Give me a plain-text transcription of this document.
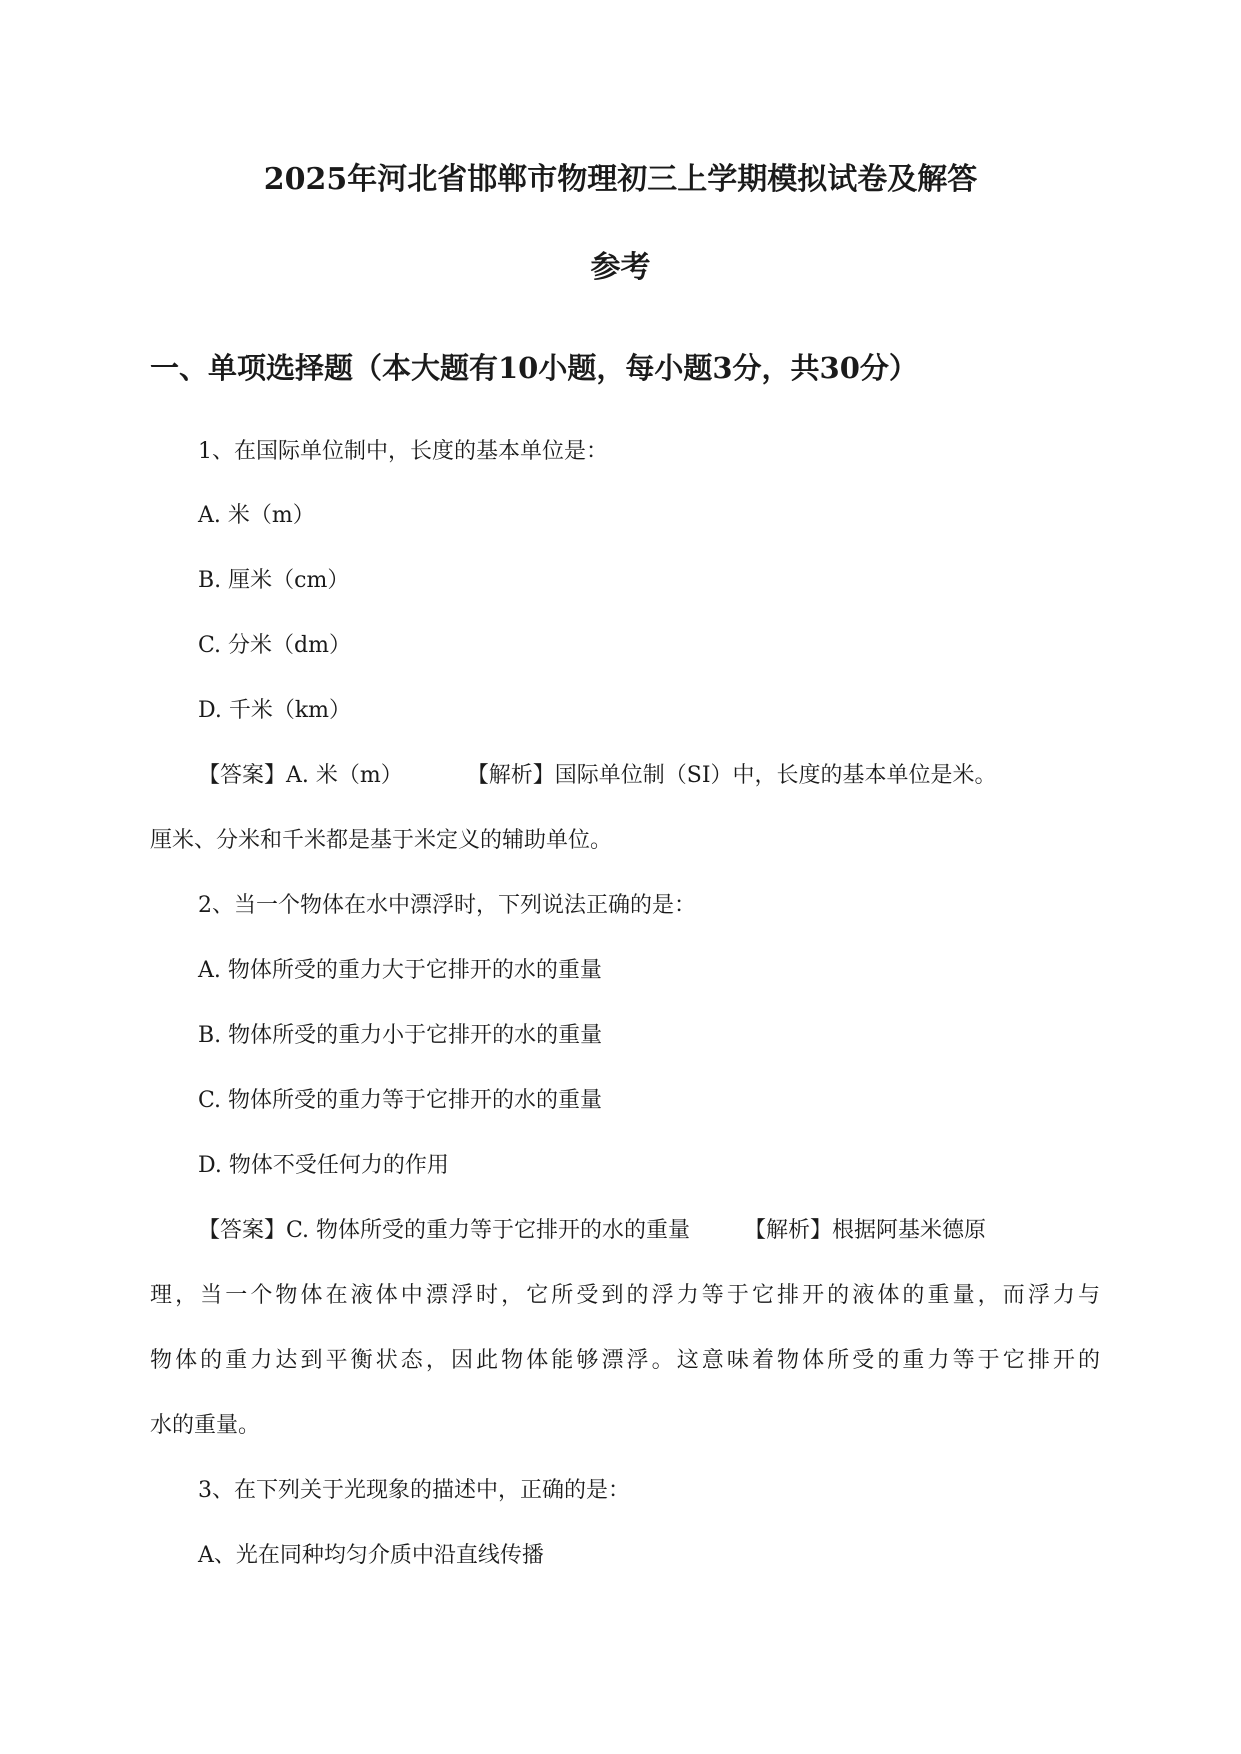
2025年河北省邯郸市物理初三上学期模拟试卷及解答
参考
一、单项选择题（本大题有10小题，每小题3分，共30分）
1、在国际单位制中，长度的基本单位是：
A. 米（m）
B. 厘米（cm）
C. 分米（dm）
D. 千米（km）
【答案】A. 米（m）	【解析】国际单位制（SI）中，长度的基本单位是米。
厘米、分米和千米都是基于米定义的辅助单位。
2、当一个物体在水中漂浮时，下列说法正确的是：
A. 物体所受的重力大于它排开的水的重量
B. 物体所受的重力小于它排开的水的重量
C. 物体所受的重力等于它排开的水的重量
D. 物体不受任何力的作用
【答案】C. 物体所受的重力等于它排开的水的重量 【解析】根据阿基米德原
理，当一个物体在液体中漂浮时，它所受到的浮力等于它排开的液体的重量，而浮力与
物体的重力达到平衡状态，因此物体能够漂浮。这意味着物体所受的重力等于它排开的
水的重量。
3、在下列关于光现象的描述中，正确的是：
A、光在同种均匀介质中沿直线传播
